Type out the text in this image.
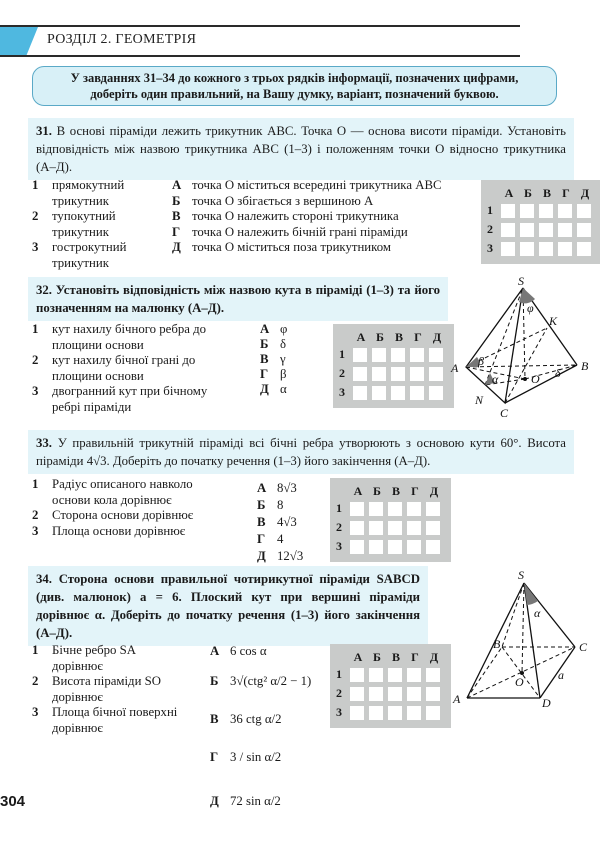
РОЗДІЛ 2. ГЕОМЕТРІЯ
У завданнях 31–34 до кожного з трьох рядків інформації, позначених цифрами, доберіть один правильний, на Вашу думку, варіант, позначений буквою.
31. В основі піраміди лежить трикутник ABC. Точка O — основа висоти піраміди. Установіть відповідність між назвою трикутника ABC (1–3) і положенням точки O відносно трикутника (А–Д).
1	прямокутний трикутник
2	тупокутний трикутник
3	гострокутний трикутник
А точка O міститься всередині трикутника ABC
Б точка O збігається з вершиною A
В точка O належить стороні трикутника
Г точка O належить бічній грані піраміди
Д точка O міститься поза трикутником
А Б В Г Д
1
2
3
32. Установіть відповідність між назвою кута в піраміді (1–3) та його позначенням на малюнку (А–Д).
1	кут нахилу бічного ребра до площини основи
2	кут нахилу бічної грані до площини основи
3	двогранний кут при бічному ребрі піраміди
А φ
Б δ
В γ
Г β
Д α
А Б В Г Д
1
2
3
S
K
A	B
O
N
C
φ
β
α	δ
33. У правильній трикутній піраміді всі бічні ребра утворюють з основою кути 60°. Висота піраміди 4√3. Доберіть до початку речення (1–3) його закінчення (А–Д).
1	Радіус описаного навколо основи кола дорівнює
2	Сторона основи дорівнює
3	Площа основи дорівнює
А 8√3
Б 8
В 4√3
Г 4
Д 12√3
А Б В Г Д
1
2
3
34. Сторона основи правильної чотирикутної піраміди SABCD (див. малюнок) a = 6. Плоский кут при вершині піраміди дорівнює α. Доберіть до початку речення (1–3) його закінчення (А–Д).
1	Бічне ребро SA дорівнює
2	Висота піраміди SO дорівнює
3	Площа бічної поверхні дорівнює
А 6 cos α
Б 3√(ctg² α/2 − 1)
В 36 ctg α/2
Г 3 / sin α/2
Д 72 sin α/2
А Б В Г Д
1
2
3
S
α
B	C
O	a
A	D
304
